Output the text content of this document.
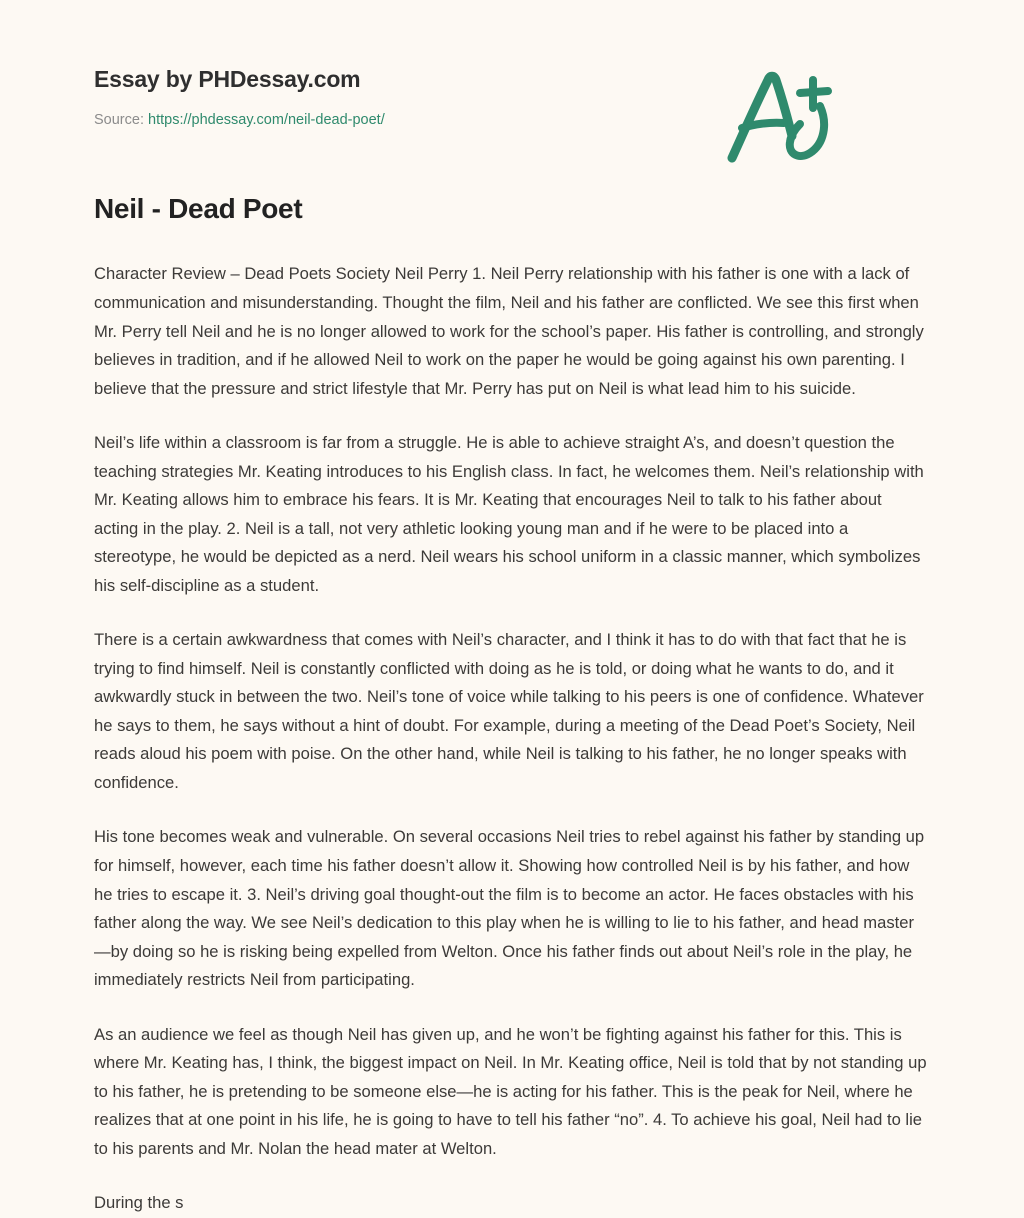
Essay by PHDessay.com
Source: https://phdessay.com/neil-dead-poet/
Neil - Dead Poet

Character Review – Dead Poets Society Neil Perry 1. Neil Perry relationship with his father is one with a lack of communication and misunderstanding. Thought the film, Neil and his father are conflicted. We see this first when Mr. Perry tell Neil and he is no longer allowed to work for the school’s paper. His father is controlling, and strongly believes in tradition, and if he allowed Neil to work on the paper he would be going against his own parenting. I believe that the pressure and strict lifestyle that Mr. Perry has put on Neil is what lead him to his suicide.

Neil’s life within a classroom is far from a struggle. He is able to achieve straight A’s, and doesn’t question the teaching strategies Mr. Keating introduces to his English class. In fact, he welcomes them. Neil’s relationship with Mr. Keating allows him to embrace his fears. It is Mr. Keating that encourages Neil to talk to his father about acting in the play. 2. Neil is a tall, not very athletic looking young man and if he were to be placed into a stereotype, he would be depicted as a nerd. Neil wears his school uniform in a classic manner, which symbolizes his self-discipline as a student.

There is a certain awkwardness that comes with Neil’s character, and I think it has to do with that fact that he is trying to find himself. Neil is constantly conflicted with doing as he is told, or doing what he wants to do, and it awkwardly stuck in between the two. Neil’s tone of voice while talking to his peers is one of confidence. Whatever he says to them, he says without a hint of doubt. For example, during a meeting of the Dead Poet’s Society, Neil reads aloud his poem with poise. On the other hand, while Neil is talking to his father, he no longer speaks with confidence.

His tone becomes weak and vulnerable. On several occasions Neil tries to rebel against his father by standing up for himself, however, each time his father doesn’t allow it. Showing how controlled Neil is by his father, and how he tries to escape it. 3. Neil’s driving goal thought-out the film is to become an actor. He faces obstacles with his father along the way. We see Neil’s dedication to this play when he is willing to lie to his father, and head master—by doing so he is risking being expelled from Welton. Once his father finds out about Neil’s role in the play, he immediately restricts Neil from participating.

As an audience we feel as though Neil has given up, and he won’t be fighting against his father for this. This is where Mr. Keating has, I think, the biggest impact on Neil. In Mr. Keating office, Neil is told that by not standing up to his father, he is pretending to be someone else—he is acting for his father. This is the peak for Neil, where he realizes that at one point in his life, he is going to have to tell his father “no”. 4. To achieve his goal, Neil had to lie to his parents and Mr. Nolan the head mater at Welton.

During the s
